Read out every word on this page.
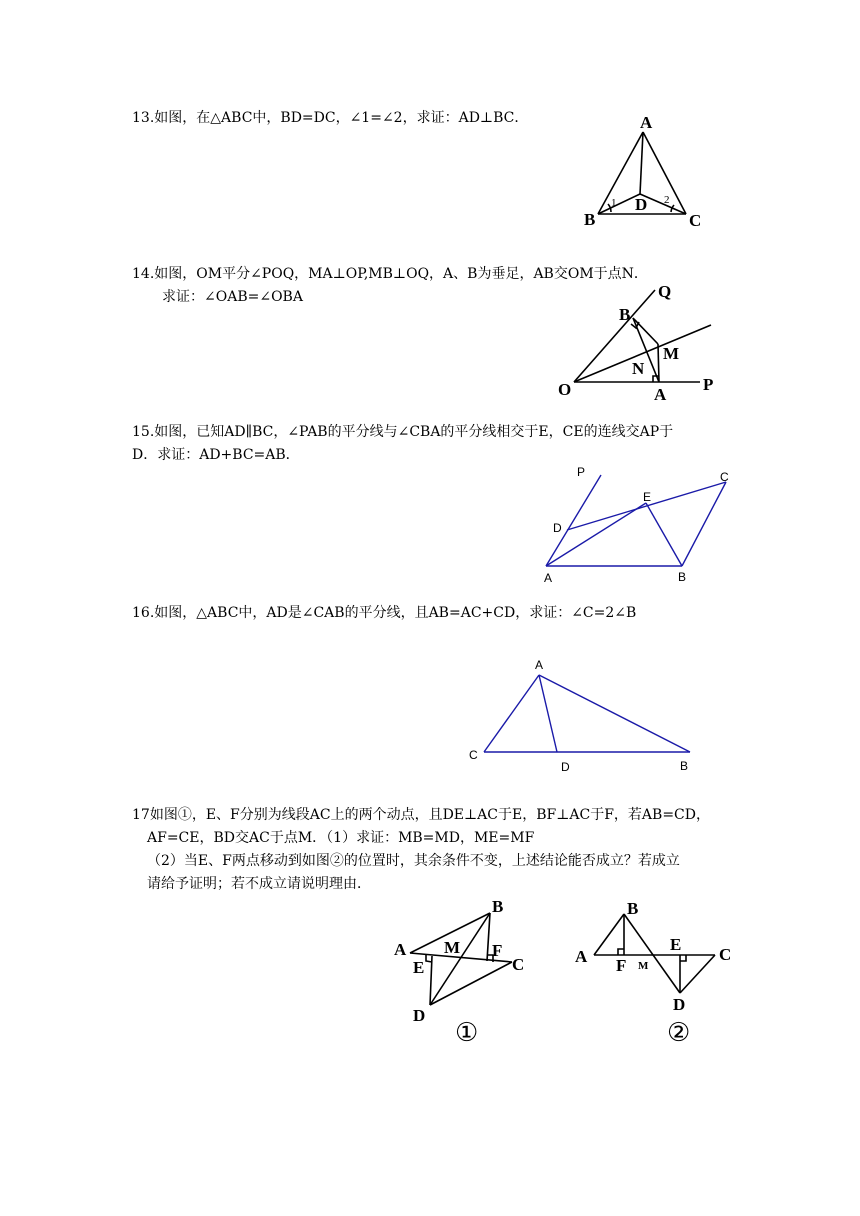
13.如图，在△ABC中，BD=DC，∠1=∠2，求证：AD⊥BC．	A
B	C
D
1	2
14.如图，OM平分∠POQ，MA⊥OP,MB⊥OQ，A、B为垂足，AB交OM于点N．
求证：∠OAB=∠OBA	Q
B
M
N
O	A
P
15.如图，已知AD∥BC，∠PAB的平分线与∠CBA的平分线相交于E，CE的连线交AP于
D．求证：AD+BC=AB．
P	C
E
D
A	B
16.如图，△ABC中，AD是∠CAB的平分线，且AB=AC+CD，求证：∠C=2∠B
A
C
D	B
17如图①，E、F分别为线段AC上的两个动点，且DE⊥AC于E，BF⊥AC于F，若AB=CD，
AF=CE，BD交AC于点M．（1）求证：MB=MD，ME=MF
（2）当E、F两点移动到如图②的位置时，其余条件不变，上述结论能否成立？若成立
请给予证明；若不成立请说明理由．
B
A M F
E	C
D
①
B
E
A	C
F M
D
②
